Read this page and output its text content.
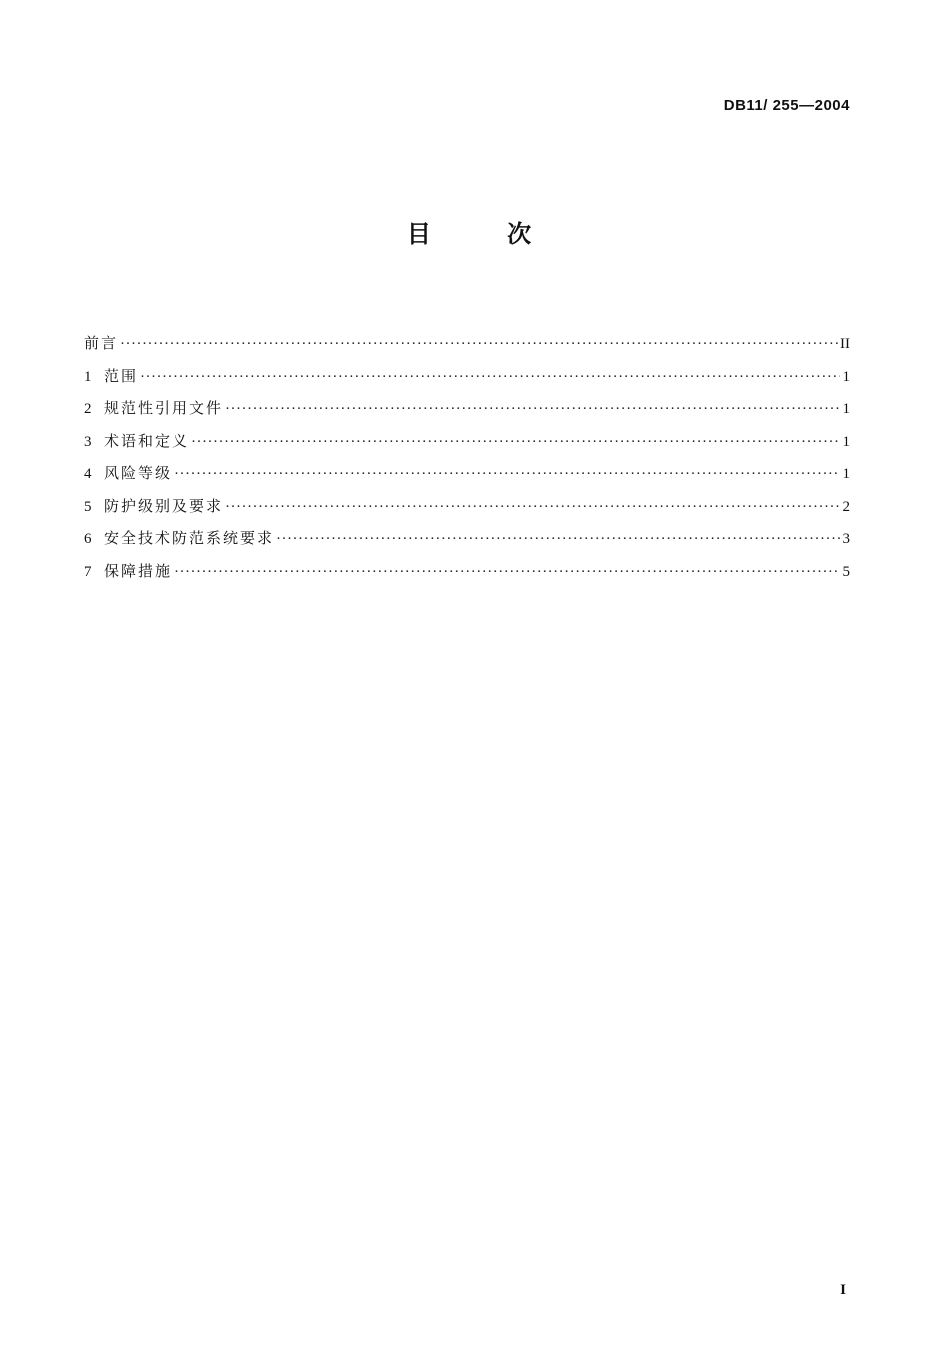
DB11/ 255—2004
目 次
前言 ·····	II
1 范围 ·····	1
2 规范性引用文件 ·····	1
3 术语和定义 ·····	1
4 风险等级 ·····	1
5 防护级别及要求 ·····	2
6 安全技术防范系统要求 ·····	3
7 保障措施 ·····	5
I
